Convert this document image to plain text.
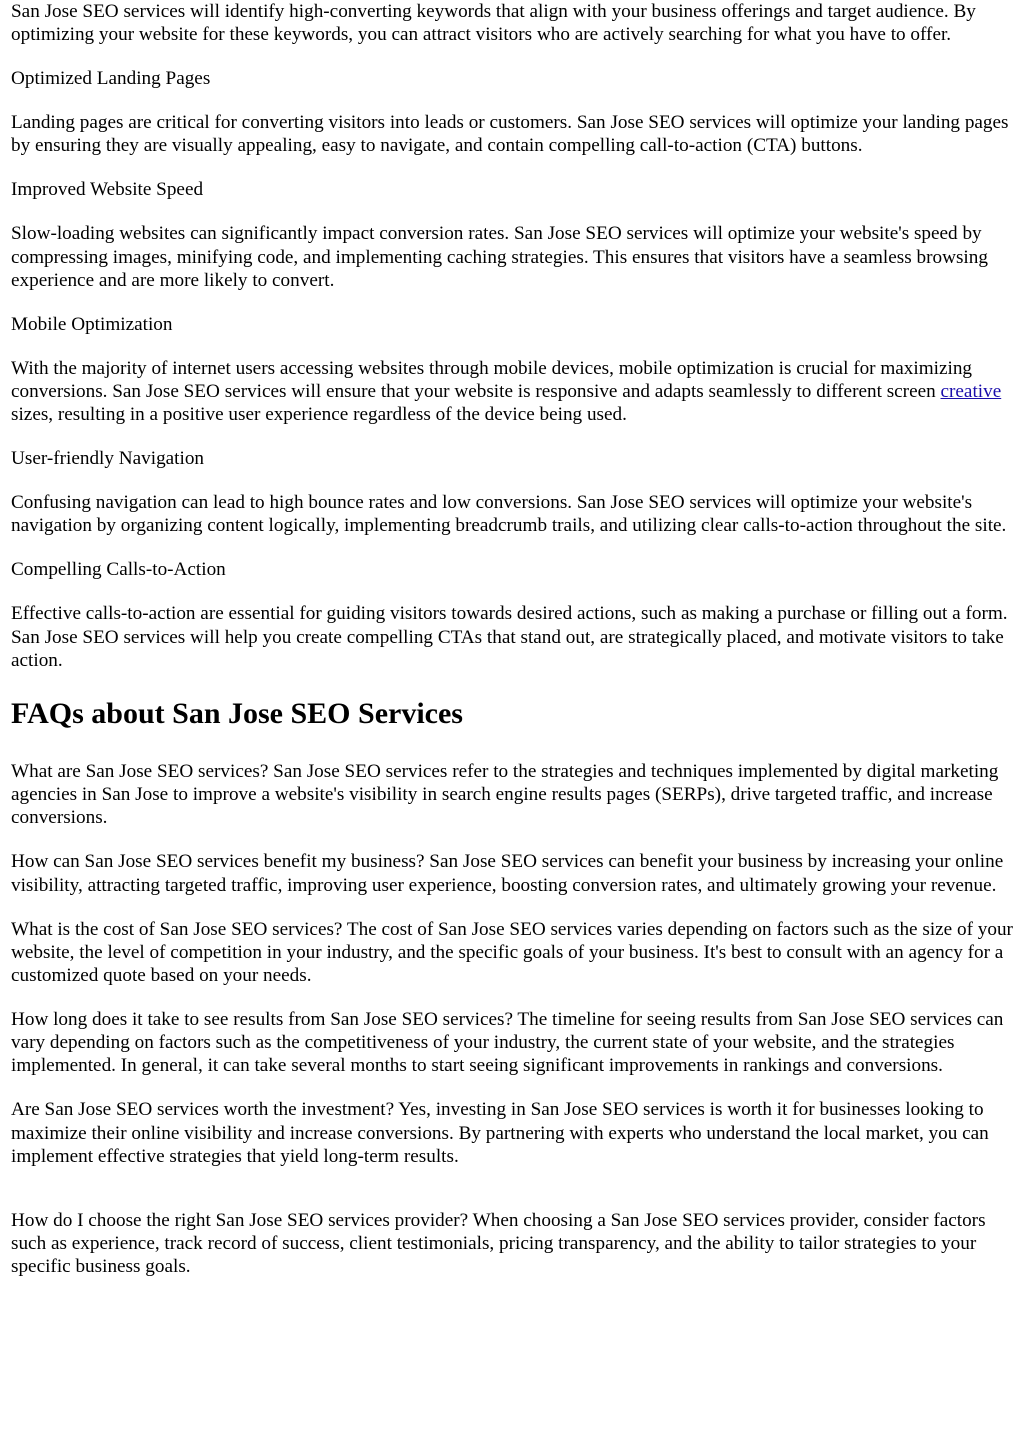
San Jose SEO services will identify high-converting keywords that align with your business offerings and target audience. By optimizing your website for these keywords, you can attract visitors who are actively searching for what you have to offer.

Optimized Landing Pages

Landing pages are critical for converting visitors into leads or customers. San Jose SEO services will optimize your landing pages by ensuring they are visually appealing, easy to navigate, and contain compelling call-to-action (CTA) buttons.

Improved Website Speed

Slow-loading websites can significantly impact conversion rates. San Jose SEO services will optimize your website's speed by compressing images, minifying code, and implementing caching strategies. This ensures that visitors have a seamless browsing experience and are more likely to convert.

Mobile Optimization

With the majority of internet users accessing websites through mobile devices, mobile optimization is crucial for maximizing conversions. San Jose SEO services will ensure that your website is responsive and adapts seamlessly to different screen creative sizes, resulting in a positive user experience regardless of the device being used.

User-friendly Navigation

Confusing navigation can lead to high bounce rates and low conversions. San Jose SEO services will optimize your website's navigation by organizing content logically, implementing breadcrumb trails, and utilizing clear calls-to-action throughout the site.

Compelling Calls-to-Action

Effective calls-to-action are essential for guiding visitors towards desired actions, such as making a purchase or filling out a form. San Jose SEO services will help you create compelling CTAs that stand out, are strategically placed, and motivate visitors to take action.

FAQs about San Jose SEO Services

What are San Jose SEO services? San Jose SEO services refer to the strategies and techniques implemented by digital marketing agencies in San Jose to improve a website's visibility in search engine results pages (SERPs), drive targeted traffic, and increase conversions.

How can San Jose SEO services benefit my business? San Jose SEO services can benefit your business by increasing your online visibility, attracting targeted traffic, improving user experience, boosting conversion rates, and ultimately growing your revenue.

What is the cost of San Jose SEO services? The cost of San Jose SEO services varies depending on factors such as the size of your website, the level of competition in your industry, and the specific goals of your business. It's best to consult with an agency for a customized quote based on your needs.

How long does it take to see results from San Jose SEO services? The timeline for seeing results from San Jose SEO services can vary depending on factors such as the competitiveness of your industry, the current state of your website, and the strategies implemented. In general, it can take several months to start seeing significant improvements in rankings and conversions.

Are San Jose SEO services worth the investment? Yes, investing in San Jose SEO services is worth it for businesses looking to maximize their online visibility and increase conversions. By partnering with experts who understand the local market, you can implement effective strategies that yield long-term results.

How do I choose the right San Jose SEO services provider? When choosing a San Jose SEO services provider, consider factors such as experience, track record of success, client testimonials, pricing transparency, and the ability to tailor strategies to your specific business goals.
